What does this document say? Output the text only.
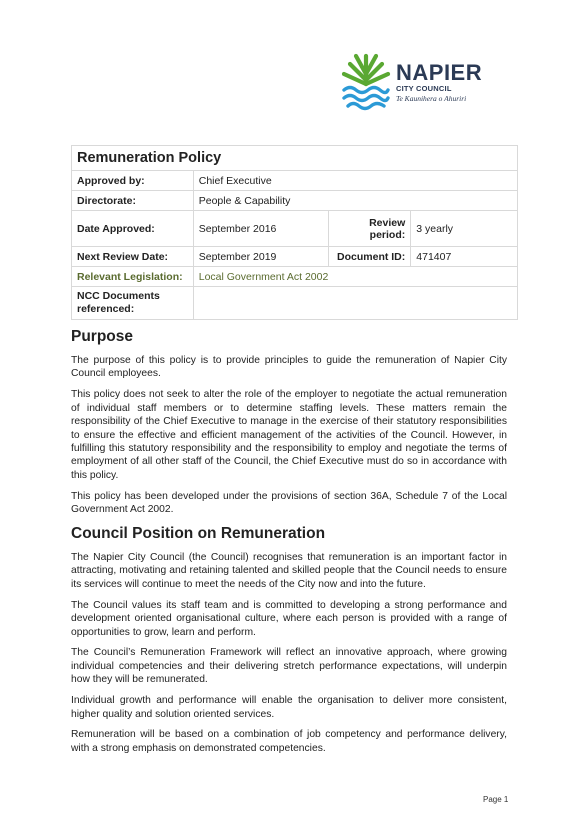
NAPIER
CITY COUNCIL
Te Kaunihera o Ahuriri
Remuneration Policy			
Approved by:	Chief Executive		
Directorate:	People & Capability		
Date Approved:	September 2016	Review period:	3 yearly
Next Review Date:	September 2019	Document ID:	471407
Relevant Legislation:	Local Government Act 2002		
NCC Documents referenced:			
Purpose

The purpose of this policy is to provide principles to guide the remuneration of Napier City Council employees.

This policy does not seek to alter the role of the employer to negotiate the actual remuneration of individual staff members or to determine staffing levels. These matters remain the responsibility of the Chief Executive to manage in the exercise of their statutory responsibilities to ensure the effective and efficient management of the activities of the Council. However, in fulfilling this statutory responsibility and the responsibility to employ and negotiate the terms of employment of all other staff of the Council, the Chief Executive must do so in accordance with this policy.

This policy has been developed under the provisions of section 36A, Schedule 7 of the Local Government Act 2002.

Council Position on Remuneration

The Napier City Council (the Council) recognises that remuneration is an important factor in attracting, motivating and retaining talented and skilled people that the Council needs to ensure its services will continue to meet the needs of the City now and into the future.

The Council values its staff team and is committed to developing a strong performance and development oriented organisational culture, where each person is provided with a range of opportunities to grow, learn and perform.

The Council’s Remuneration Framework will reflect an innovative approach, where growing individual competencies and their delivering stretch performance expectations, will underpin how they will be remunerated.

Individual growth and performance will enable the organisation to deliver more consistent, higher quality and solution oriented services.

Remuneration will be based on a combination of job competency and performance delivery, with a strong emphasis on demonstrated competencies.

Page 1
